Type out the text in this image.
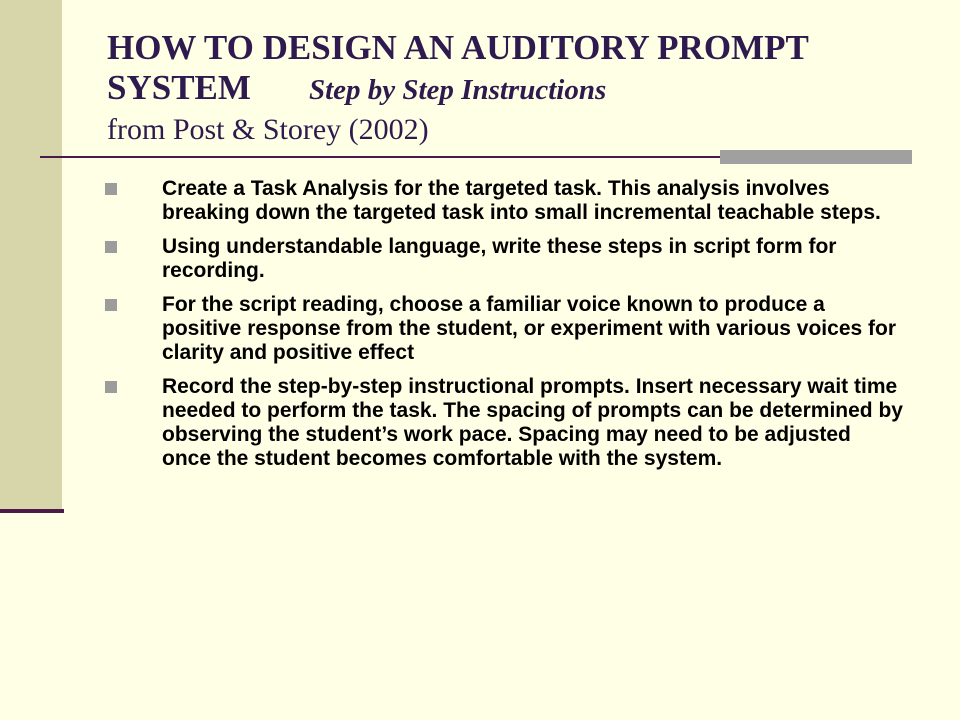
HOW TO DESIGN AN AUDITORY PROMPT
SYSTEM Step by Step Instructions
from Post & Storey (2002)
Create a Task Analysis for the targeted task. This analysis involves breaking down the targeted task into small incremental teachable steps.
Using understandable language, write these steps in script form for recording.
For the script reading, choose a familiar voice known to produce a positive response from the student, or experiment with various voices for clarity and positive effect
Record the step-by-step instructional prompts. Insert necessary wait time needed to perform the task. The spacing of prompts can be determined by observing the student’s work pace. Spacing may need to be adjusted once the student becomes comfortable with the system.
